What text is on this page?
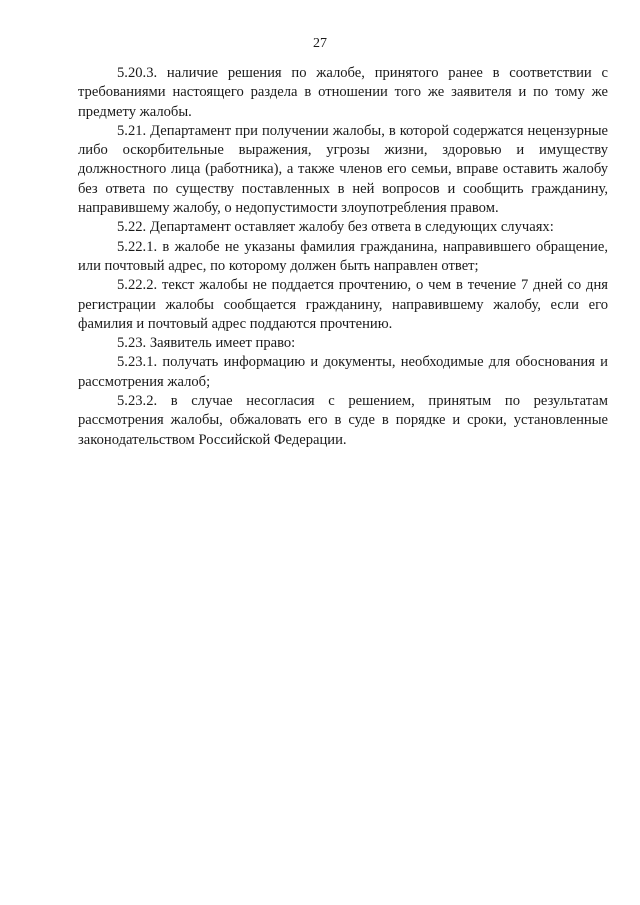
27

5.20.3. наличие решения по жалобе, принятого ранее в соответствии с требованиями настоящего раздела в отношении того же заявителя и по тому же предмету жалобы.

5.21. Департамент при получении жалобы, в которой содержатся нецензурные либо оскорбительные выражения, угрозы жизни, здоровью и имуществу должностного лица (работника), а также членов его семьи, вправе оставить жалобу без ответа по существу поставленных в ней вопросов и сообщить гражданину, направившему жалобу, о недопустимости злоупотребления правом.

5.22. Департамент оставляет жалобу без ответа в следующих случаях:

5.22.1. в жалобе не указаны фамилия гражданина, направившего обращение, или почтовый адрес, по которому должен быть направлен ответ;

5.22.2. текст жалобы не поддается прочтению, о чем в течение 7 дней со дня регистрации жалобы сообщается гражданину, направившему жалобу, если его фамилия и почтовый адрес поддаются прочтению.

5.23. Заявитель имеет право:

5.23.1. получать информацию и документы, необходимые для обоснования и рассмотрения жалоб;

5.23.2. в случае несогласия с решением, принятым по результатам рассмотрения жалобы, обжаловать его в суде в порядке и сроки, установленные законодательством Российской Федерации.
